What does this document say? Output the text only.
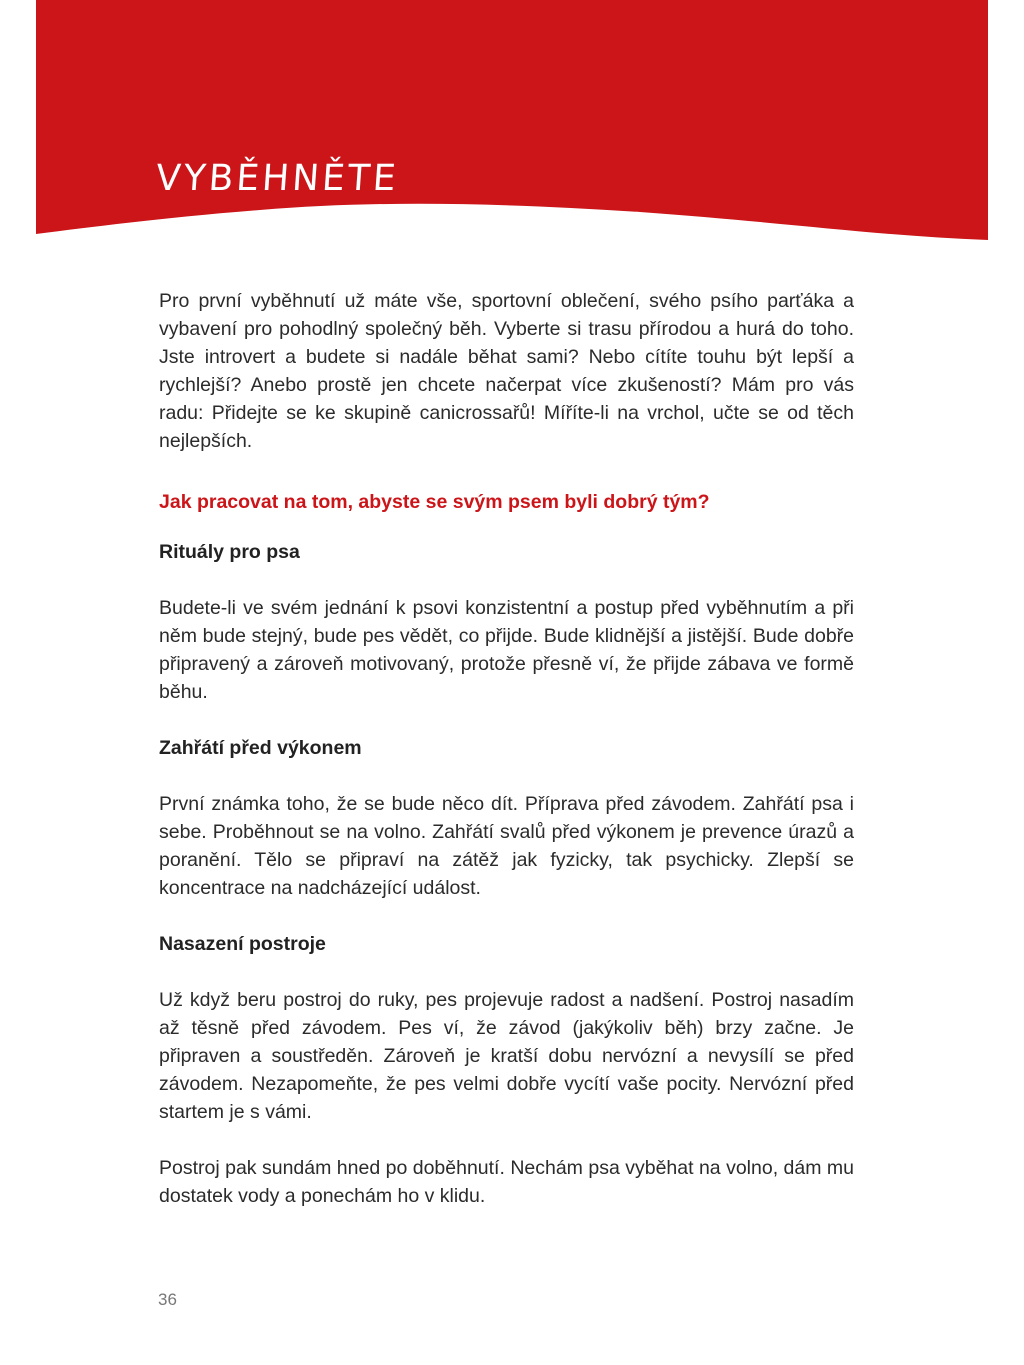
VYBĚHNĚTE

Pro první vyběhnutí už máte vše, sportovní oblečení, svého psího parťáka a vybavení pro pohodlný společný běh. Vyberte si trasu přírodou a hurá do toho. Jste introvert a budete si nadále běhat sami? Nebo cítíte touhu být lepší a rychlejší? Anebo prostě jen chcete načerpat více zkušeností? Mám pro vás radu: Přidejte se ke skupině canicrossařů! Míříte-li na vrchol, učte se od těch nejlepších.

Jak pracovat na tom, abyste se svým psem byli dobrý tým?

Rituály pro psa

Budete-li ve svém jednání k psovi konzistentní a postup před vyběhnutím a při něm bude stejný, bude pes vědět, co přijde. Bude klidnější a jistější. Bude dobře připravený a zároveň motivovaný, protože přesně ví, že přijde zábava ve formě běhu.

Zahřátí před výkonem

První známka toho, že se bude něco dít. Příprava před závodem. Zahřátí psa i sebe. Proběhnout se na volno. Zahřátí svalů před výkonem je prevence úrazů a poranění. Tělo se připraví na zátěž jak fyzicky, tak psychicky. Zlepší se koncentrace na nadcházející událost.

Nasazení postroje

Už když beru postroj do ruky, pes projevuje radost a nadšení. Postroj nasadím až těsně před závodem. Pes ví, že závod (jakýkoliv běh) brzy začne. Je připraven a soustředěn. Zároveň je kratší dobu nervózní a nevysílí se před závodem. Nezapomeňte, že pes velmi dobře vycítí vaše pocity. Nervózní před startem je s vámi.

Postroj pak sundám hned po doběhnutí. Nechám psa vyběhat na volno, dám mu dostatek vody a ponechám ho v klidu.

36
